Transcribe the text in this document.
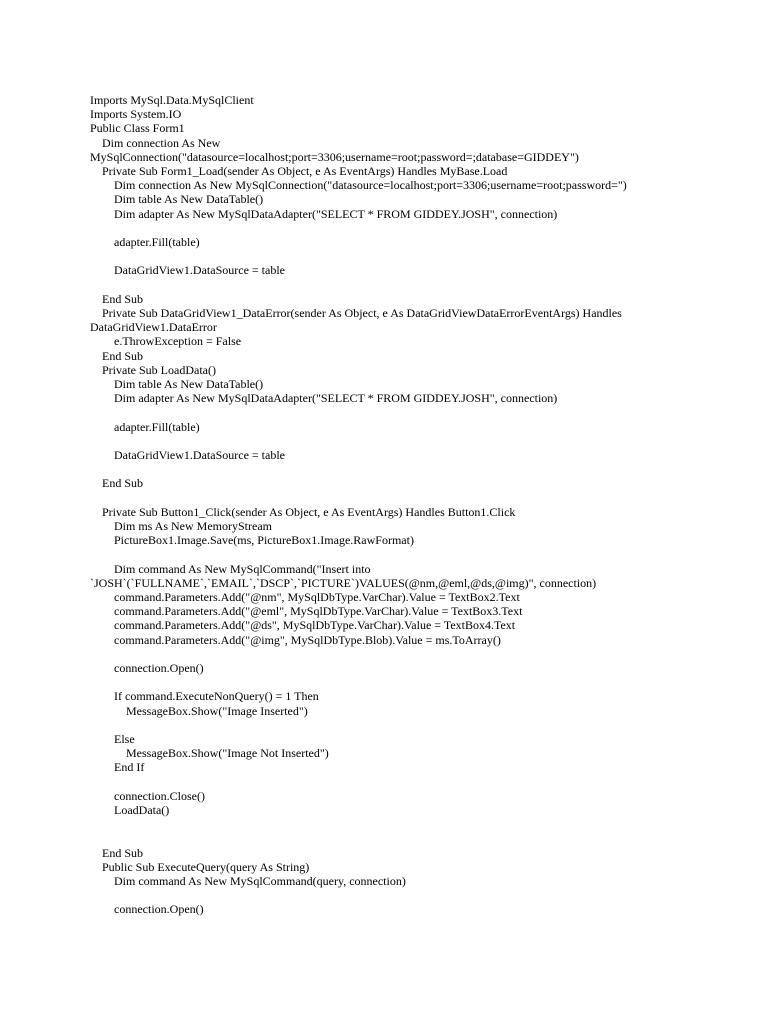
Imports MySql.Data.MySqlClient
Imports System.IO
Public Class Form1
Dim connection As New
MySqlConnection("datasource=localhost;port=3306;username=root;password=;database=GIDDEY")
Private Sub Form1_Load(sender As Object, e As EventArgs) Handles MyBase.Load
Dim connection As New MySqlConnection("datasource=localhost;port=3306;username=root;password=")
Dim table As New DataTable()
Dim adapter As New MySqlDataAdapter("SELECT * FROM GIDDEY.JOSH", connection)
adapter.Fill(table)
DataGridView1.DataSource = table
End Sub
Private Sub DataGridView1_DataError(sender As Object, e As DataGridViewDataErrorEventArgs) Handles
DataGridView1.DataError
e.ThrowException = False
End Sub
Private Sub LoadData()
Dim table As New DataTable()
Dim adapter As New MySqlDataAdapter("SELECT * FROM GIDDEY.JOSH", connection)
adapter.Fill(table)
DataGridView1.DataSource = table
End Sub
Private Sub Button1_Click(sender As Object, e As EventArgs) Handles Button1.Click
Dim ms As New MemoryStream
PictureBox1.Image.Save(ms, PictureBox1.Image.RawFormat)
Dim command As New MySqlCommand("Insert into
`JOSH`(`FULLNAME`,`EMAIL`,`DSCP`,`PICTURE`)VALUES(@nm,@eml,@ds,@img)", connection)
command.Parameters.Add("@nm", MySqlDbType.VarChar).Value = TextBox2.Text
command.Parameters.Add("@eml", MySqlDbType.VarChar).Value = TextBox3.Text
command.Parameters.Add("@ds", MySqlDbType.VarChar).Value = TextBox4.Text
command.Parameters.Add("@img", MySqlDbType.Blob).Value = ms.ToArray()
connection.Open()
If command.ExecuteNonQuery() = 1 Then
MessageBox.Show("Image Inserted")
Else
MessageBox.Show("Image Not Inserted")
End If
connection.Close()
LoadData()
End Sub
Public Sub ExecuteQuery(query As String)
Dim command As New MySqlCommand(query, connection)
connection.Open()
